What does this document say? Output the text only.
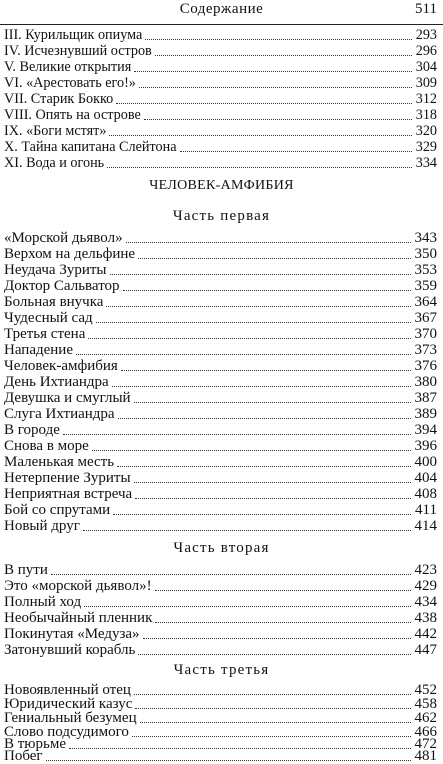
Содержание	511
III. Курильщик опиума	293
IV. Исчезнувший остров	296
V. Великие открытия	304
VI. «Арестовать его!»	309
VII. Старик Бокко	312
VIII. Опять на острове	318
IX. «Боги мстят»	320
X. Тайна капитана Слейтона	329
XI. Вода и огонь	334
ЧЕЛОВЕК-АМФИБИЯ
Часть первая
«Морской дьявол»	343
Верхом на дельфине	350
Неудача Зуриты	353
Доктор Сальватор	359
Больная внучка	364
Чудесный сад	367
Третья стена	370
Нападение	373
Человек-амфибия	376
День Ихтиандра	380
Девушка и смуглый	387
Слуга Ихтиандра	389
В городе	394
Снова в море	396
Маленькая месть	400
Нетерпение Зуриты	404
Неприятная встреча	408
Бой со спрутами	411
Новый друг	414
Часть вторая
В пути	423
Это «морской дьявол»!	429
Полный ход	434
Необычайный пленник	438
Покинутая «Медуза»	442
Затонувший корабль	447
Часть третья
Новоявленный отец	452
Юридический казус	458
Гениальный безумец	462
Слово подсудимого	466
В тюрьме	472
Побег	481
